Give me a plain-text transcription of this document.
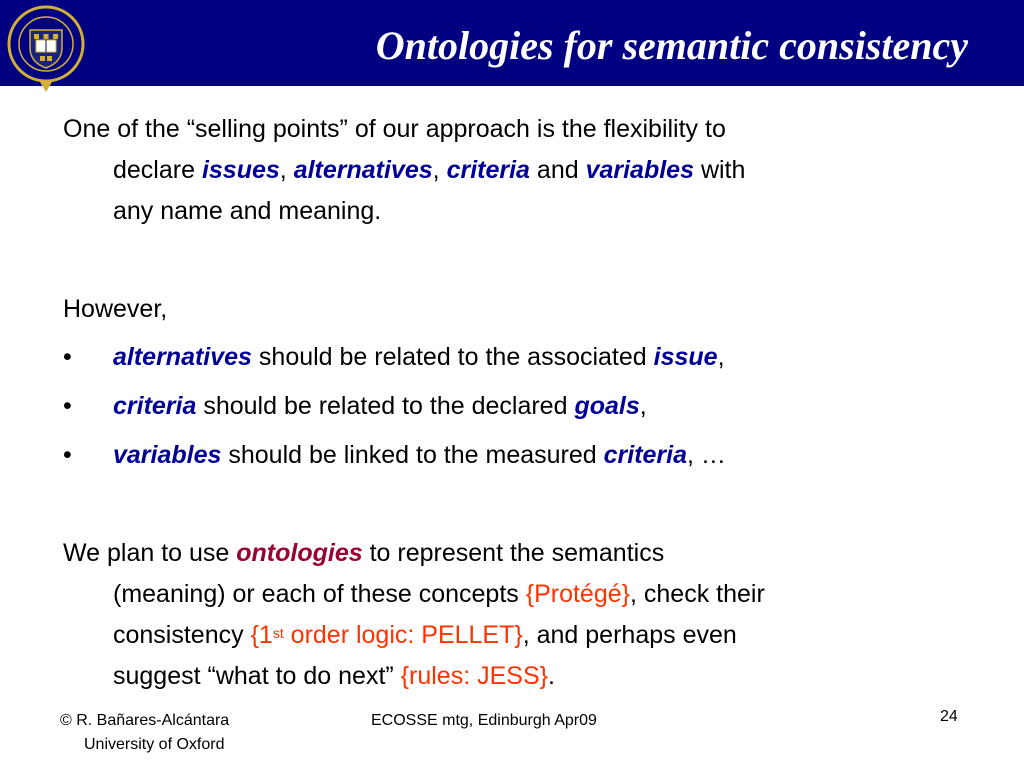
Ontologies for semantic consistency
One of the “selling points” of our approach is the flexibility to
declare issues, alternatives, criteria and variables with
any name and meaning.
However,
• alternatives should be related to the associated issue,
• criteria should be related to the declared goals,
• variables should be linked to the measured criteria, …
We plan to use ontologies to represent the semantics
(meaning) or each of these concepts {Protégé}, check their
consistency {1st order logic: PELLET}, and perhaps even
suggest “what to do next” {rules: JESS}.
© R. Bañares-Alcántara
University of Oxford
ECOSSE mtg, Edinburgh Apr09	24
